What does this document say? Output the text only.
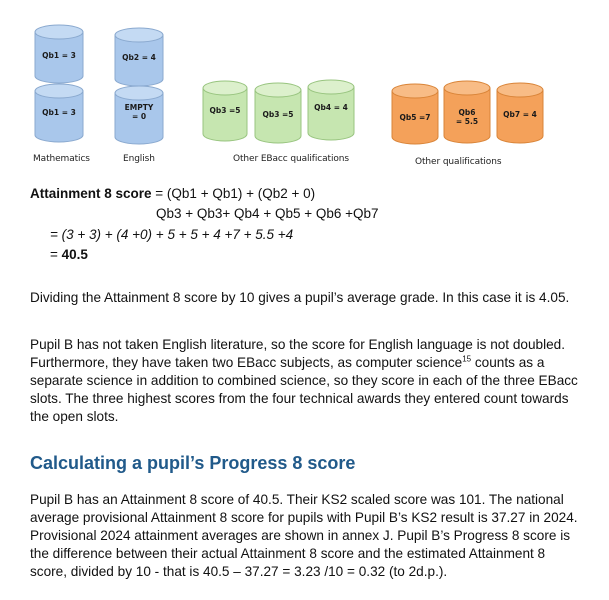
Qb1 = 3
Qb1 = 3
Mathematics
Qb2 = 4
EMPTY
= 0
English
Qb3 =5	Qb3 =5
Qb4 = 4
Other EBacc qualifications
Qb5 =7
Qb6
= 5.5
Qb7 = 4
Other qualifications
Attainment 8 score = (Qb1 + Qb1) + (Qb2 + 0)
Qb3 + Qb3+ Qb4 + Qb5 + Qb6 +Qb7
= (3 + 3) + (4 +0) + 5 + 5 + 4 +7 + 5.5 +4
= 40.5

Dividing the Attainment 8 score by 10 gives a pupil’s average grade. In this case it is 4.05.

Pupil B has not taken English literature, so the score for English language is not doubled. Furthermore, they have taken two EBacc subjects, as computer science$^{15}$ counts as a separate science in addition to combined science, so they score in each of the three EBacc slots. The three highest scores from the four technical awards they entered count towards the open slots.

Calculating a pupil’s Progress 8 score

Pupil B has an Attainment 8 score of 40.5. Their KS2 scaled score was 101. The national average provisional Attainment 8 score for pupils with Pupil B’s KS2 result is 37.27 in 2024. Provisional 2024 attainment averages are shown in annex J. Pupil B’s Progress 8 score is the difference between their actual Attainment 8 score and the estimated Attainment 8 score, divided by 10 - that is 40.5 – 37.27 = 3.23 /10 = 0.32 (to 2d.p.).
